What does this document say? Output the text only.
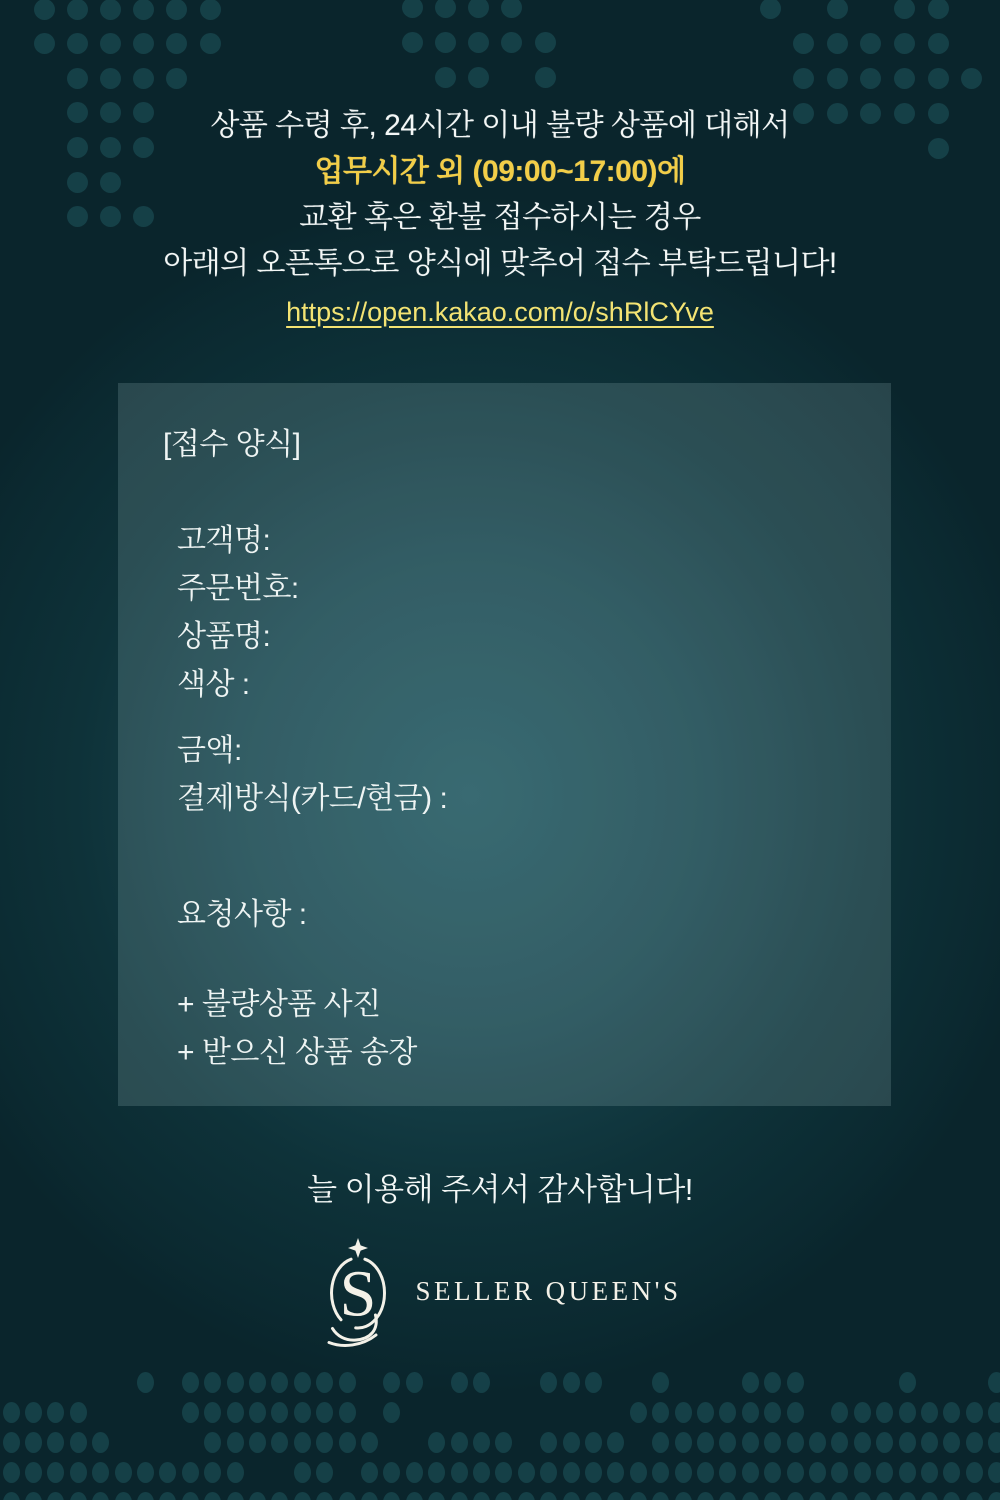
상품 수령 후, 24시간 이내 불량 상품에 대해서
업무시간 외 (09:00~17:00)에
교환 혹은 환불 접수하시는 경우
아래의 오픈톡으로 양식에 맞추어 접수 부탁드립니다!
https://open.kakao.com/o/shRlCYve
[접수 양식]
고객명:
주문번호:
상품명:
색상 :
금액:
결제방식(카드/현금) :
요청사항 :
+ 불량상품 사진
+ 받으신 상품 송장
늘 이용해 주셔서 감사합니다!
S SELLER QUEEN'S
